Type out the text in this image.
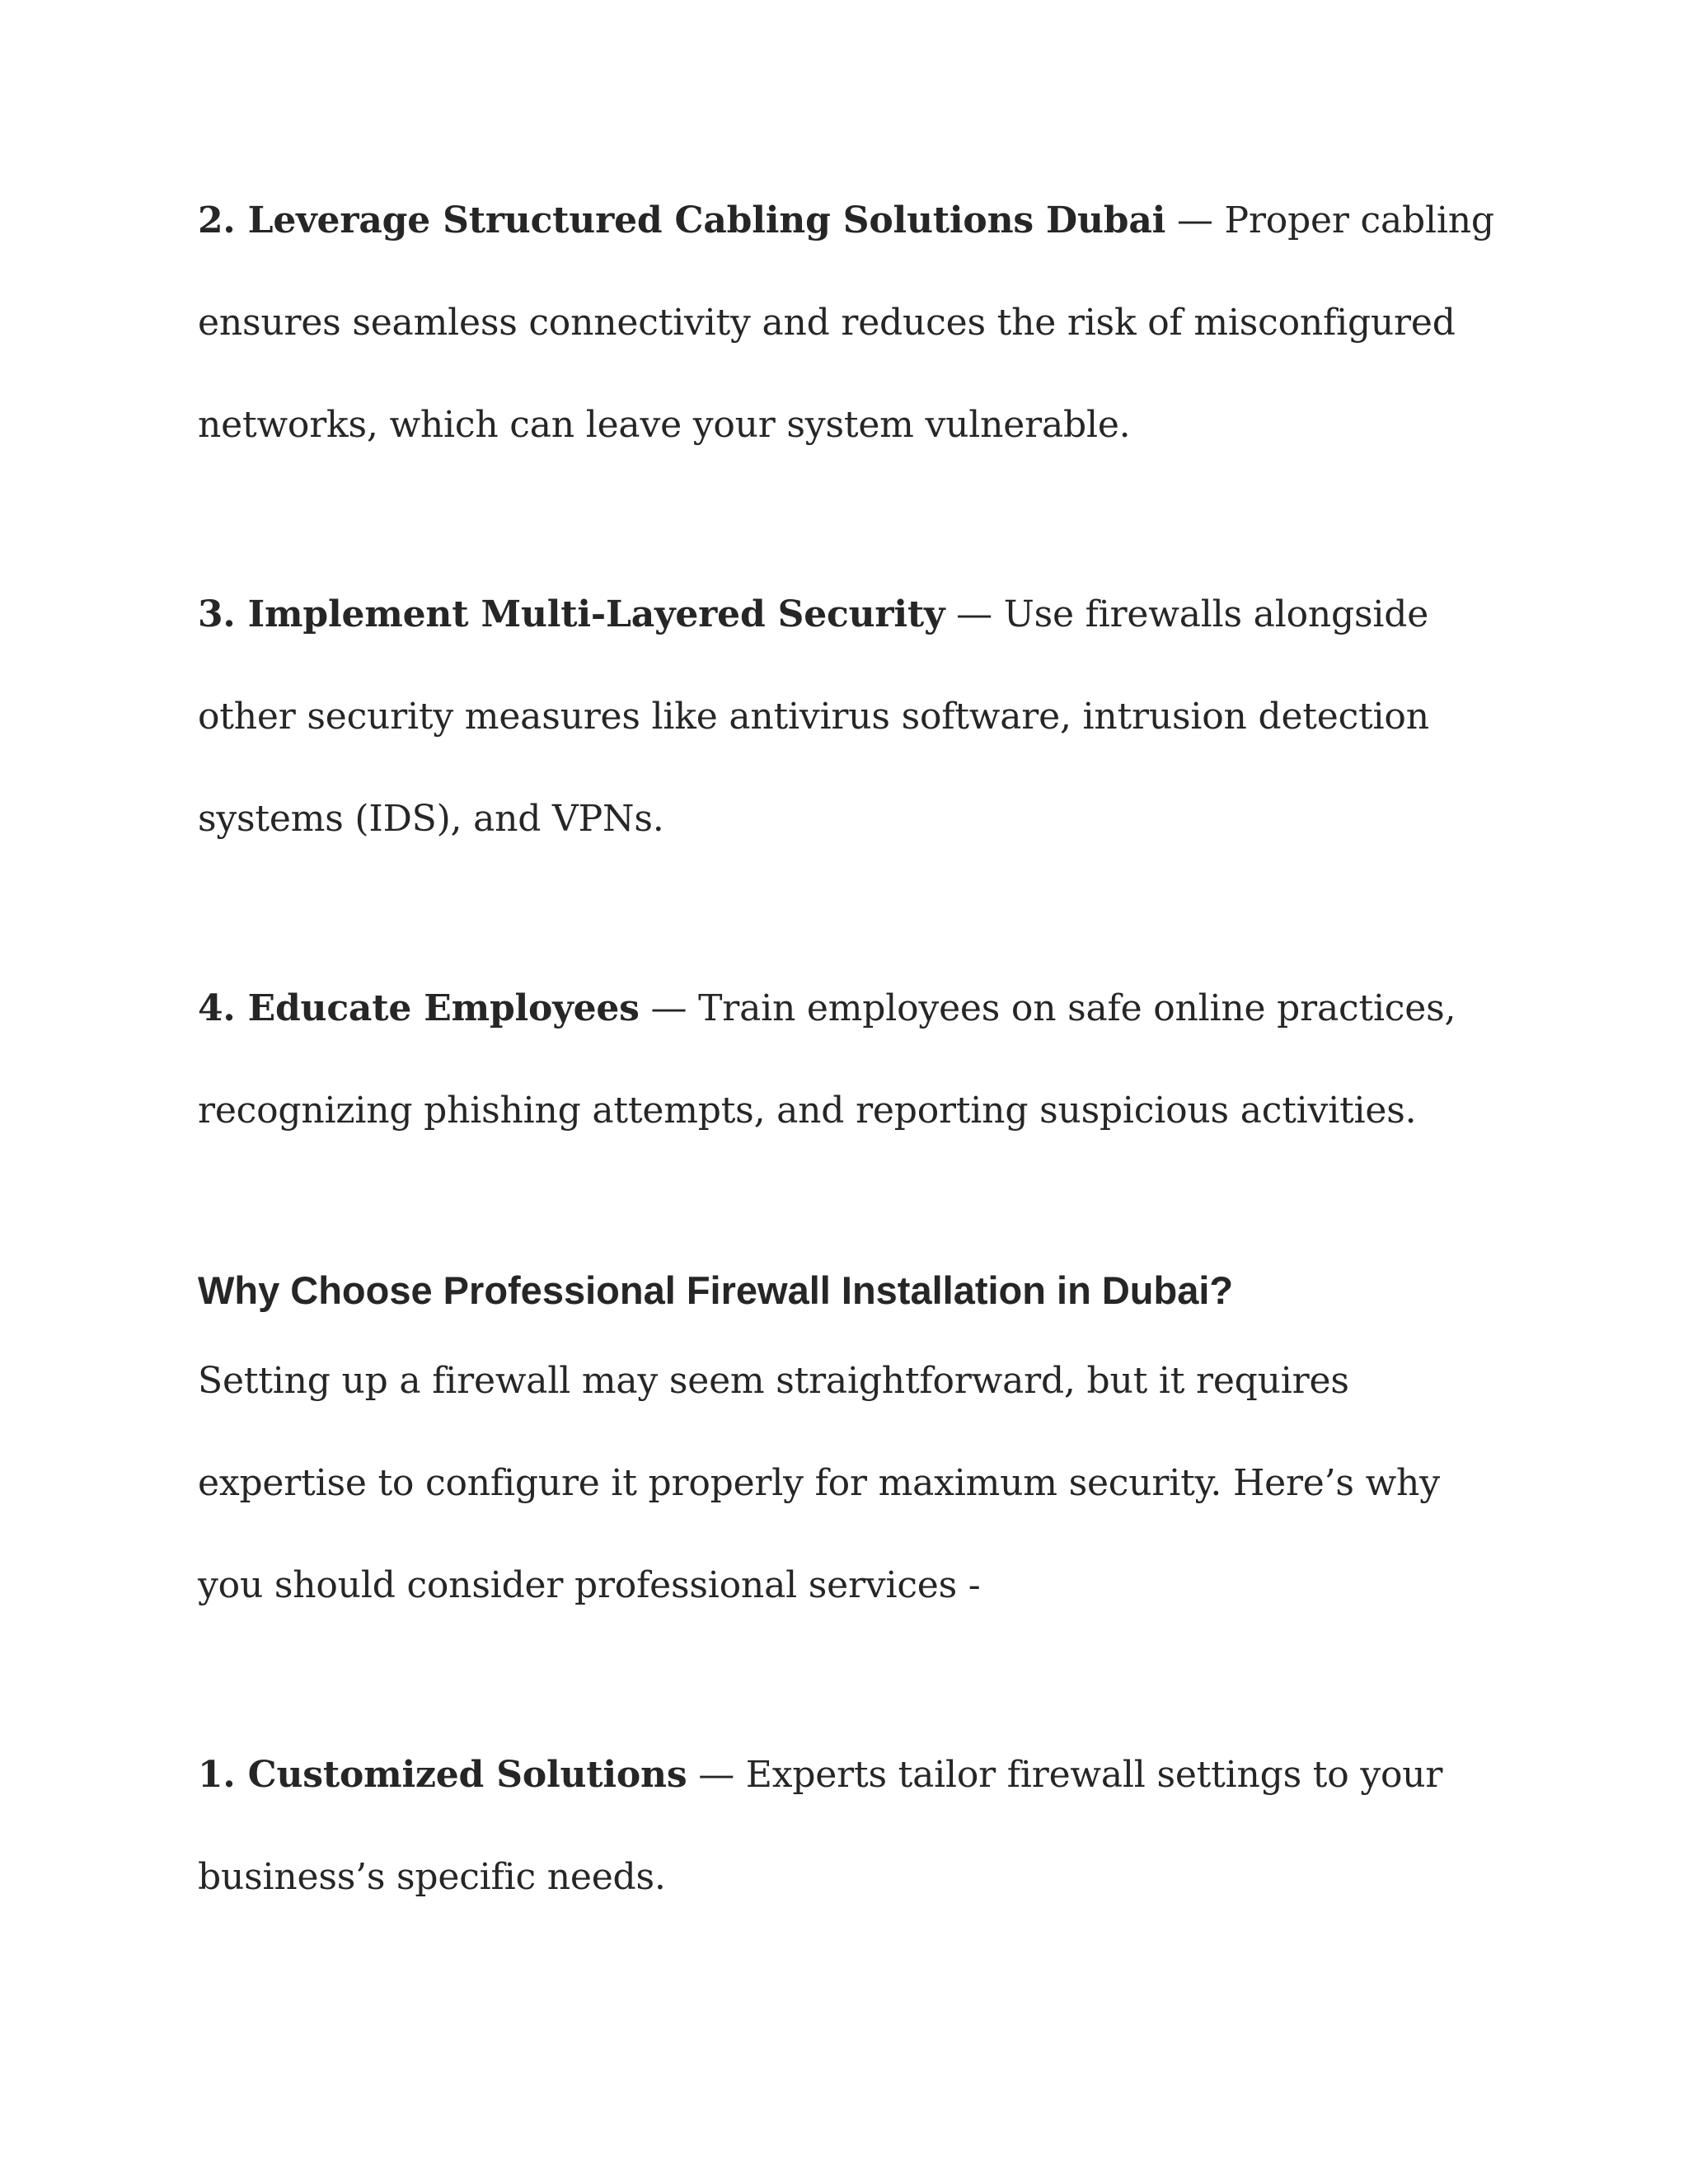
2. Leverage Structured Cabling Solutions Dubai — Proper cabling ensures seamless connectivity and reduces the risk of misconfigured networks, which can leave your system vulnerable.

3. Implement Multi-Layered Security — Use firewalls alongside other security measures like antivirus software, intrusion detection systems (IDS), and VPNs.

4. Educate Employees — Train employees on safe online practices, recognizing phishing attempts, and reporting suspicious activities.

Why Choose Professional Firewall Installation in Dubai?

Setting up a firewall may seem straightforward, but it requires expertise to configure it properly for maximum security. Here’s why you should consider professional services -

1. Customized Solutions — Experts tailor firewall settings to your business’s specific needs.
